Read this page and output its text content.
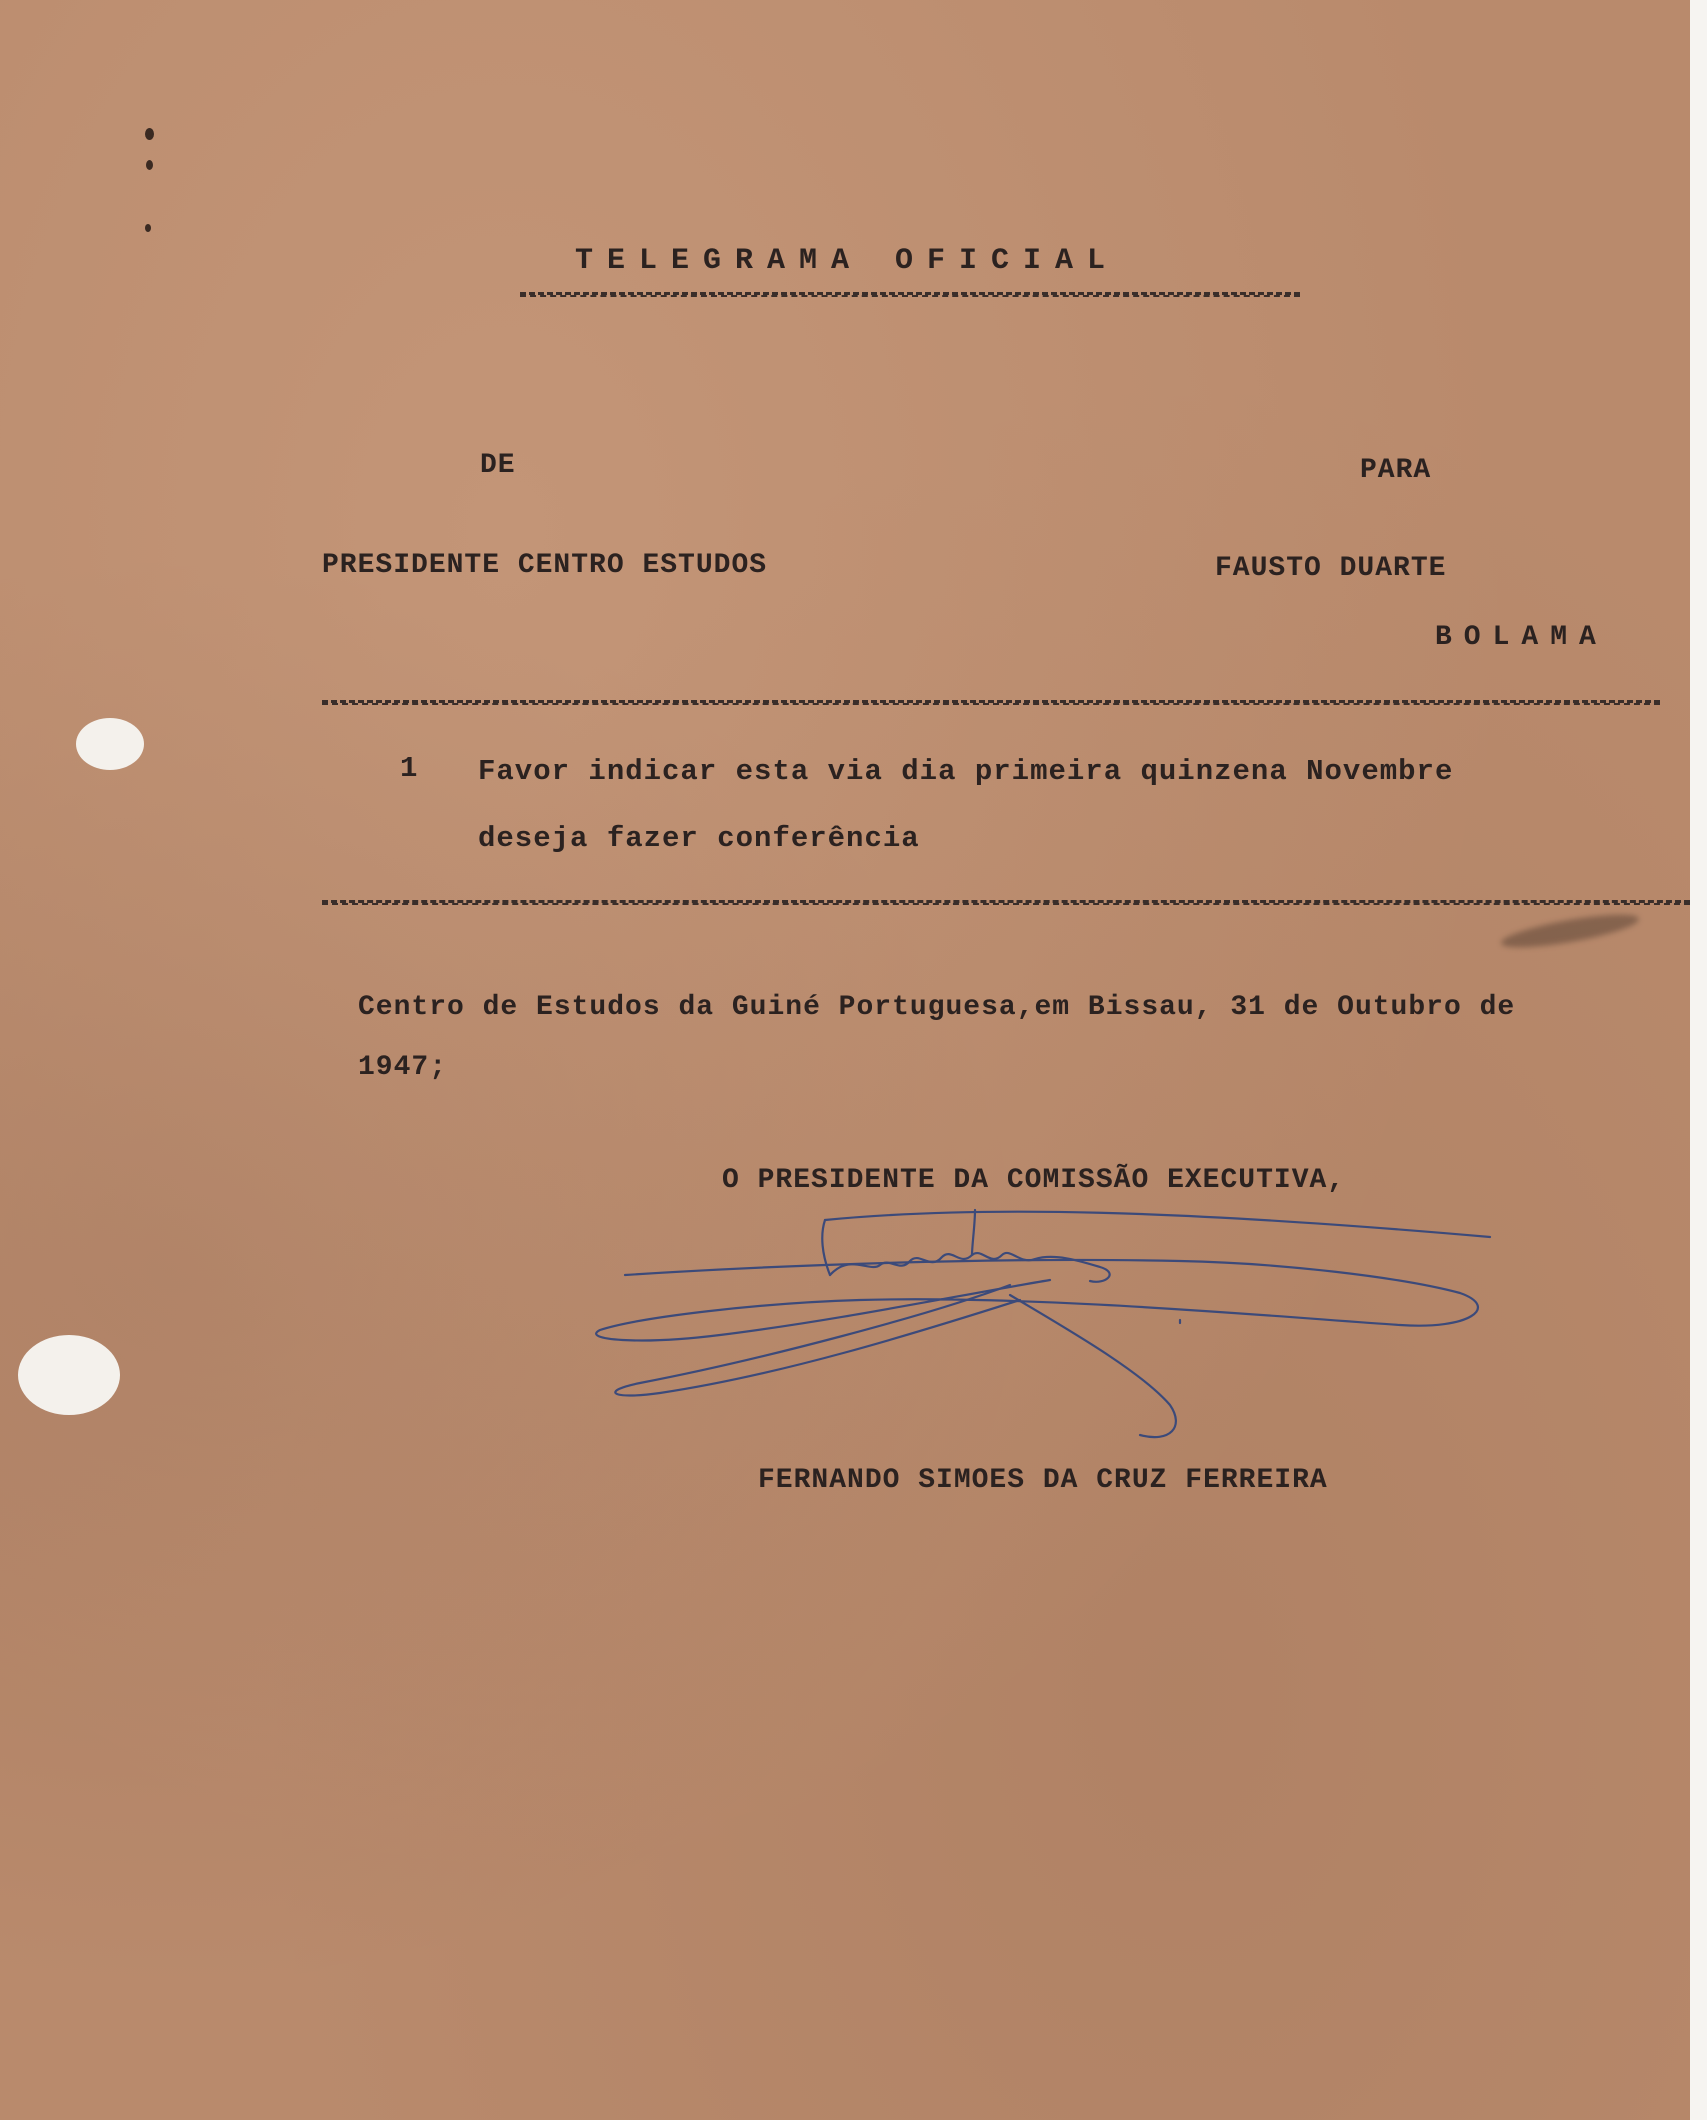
TELEGRAMA OFICIAL
DE	PARA
PRESIDENTE CENTRO ESTUDOS	FAUSTO DUARTE
BOLAMA
1 Favor indicar esta via dia primeira quinzena Novembre
deseja fazer conferência
Centro de Estudos da Guiné Portuguesa,em Bissau, 31 de Outubro de
1947;
O PRESIDENTE DA COMISSÃO EXECUTIVA,
FERNANDO SIMOES DA CRUZ FERREIRA
